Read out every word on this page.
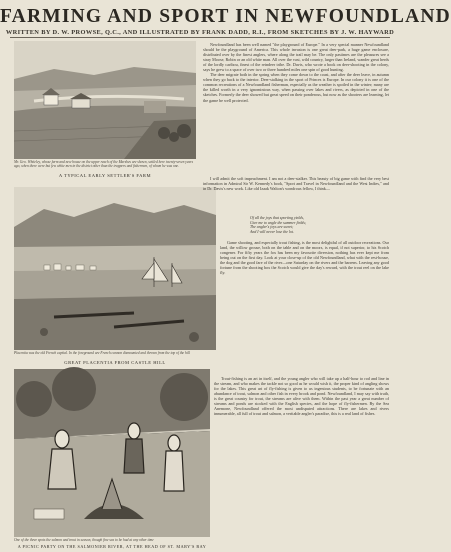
FARMING AND SPORT IN NEWFOUNDLAND
WRITTEN BY D. W. PROWSE, Q.C., AND ILLUSTRATED BY FRANK DADD, R.I., FROM SKETCHES BY J. W. HAYWARD
Mr. Geo. Whiteley, whose farm and new house on the upper reach of the Marshes are shown, settled here twenty-seven years ago, when there were but few white men in the district other than the trappers and fishermen, of whom he was one.
A TYPICAL EARLY SETTLER'S FARM
Placentia was the old French capital. In the foreground are French cannon dismounted and thrown from the top of the hill
GREAT PLACENTIA FROM CASTLE HILL
One of the three spots the salmon and trout in season, though fine sea to be had at any other time
A PICNIC PARTY ON THE SALMONIER RIVER, AT THE HEAD OF ST. MARY'S BAY

Newfoundland has been well named "the playground of Europe." In a very special manner Newfoundland should be the playground of America. This whole invasion is one great deer-park, a huge game enclosure, distributed over by the finest anglers, where along the trail may be. The only pastimes are the pleasures see a stray Moose, Robin or an old white man. All over the vast, wild country, larger than Ireland, wander great herds of the lordly caribou, finest of the reindeer tribe. Dr. Davis, who wrote a book on deer-shooting in the colony, says he grew to a space of over two or three hundred miles one spin of good hunting.

The deer migrate both in the spring when they come down to the coast, and after the deer leave, in autumn when they go back to the interior. Deer-stalking in the sport of Princes is Europe. In our colony it is one of the common recreations of a Newfoundland fisherman, especially as the weather is spoiled in the winter; many are the killed worth in a very ignominious way, when passing over lakes and rivers, as depicted in one of the sketches. Formerly the deer showed but great speed on their ponderous, but now as the shooters are learning, let the game be well protected.

I will admit the soft impeachment. I am not a deer-stalker. This beauty of big game with find the very best information in Admiral Sir W. Kennedy's book, "Sport and Travel in Newfoundland and the West Indies," and in Dr. Davis's new work. Like old Izaak Walton's wondrous fellow, I think—

Of all the joys that sporting yields,
Give me to angle the summer fields;
The angler's joys are sweet;
And I will never lose the lot.

Game shooting, and especially trout fishing, is the most delightful of all outdoor recreations. Our land, the willow grouse, both on the table and on the moors, is equal, if not superior, to his Scotch congener. For fifty years the fox has been my favourite diversion, nothing has ever kept me from being out on the first day. Look at your close-up of the old Newfoundland, what with the rest-house, the dog and the good fare of the river—one Saturday on the rivers and the barrens. Leaving any good fortune from the shooting box the Scotch would give the day's reward, with the trout reel on the lake fly.

Trout-fishing is an art in itself, and the young angler who will take up a half-hour to rod and line in the stream, and who makes the tackle not so good as he would wish it, the proper kind of angling shows for the lakes. This great art of fly-fishing is given to us ingenious students, to be fortunate with an abundance of trout, salmon and other fish in every brook and pond. Newfoundland, I may say with truth, is the great country for trout, the streams are alive with them. Within the past year a great number of streams and ponds are stocked with the English species, and the hope of fly-fishermen. By the Sea Anemone, Newfoundland offered the most undisputed attractions. There are lakes and rivers innumerable, all full of trout and salmon, a veritable angler's paradise, this is a real land of fishes.
